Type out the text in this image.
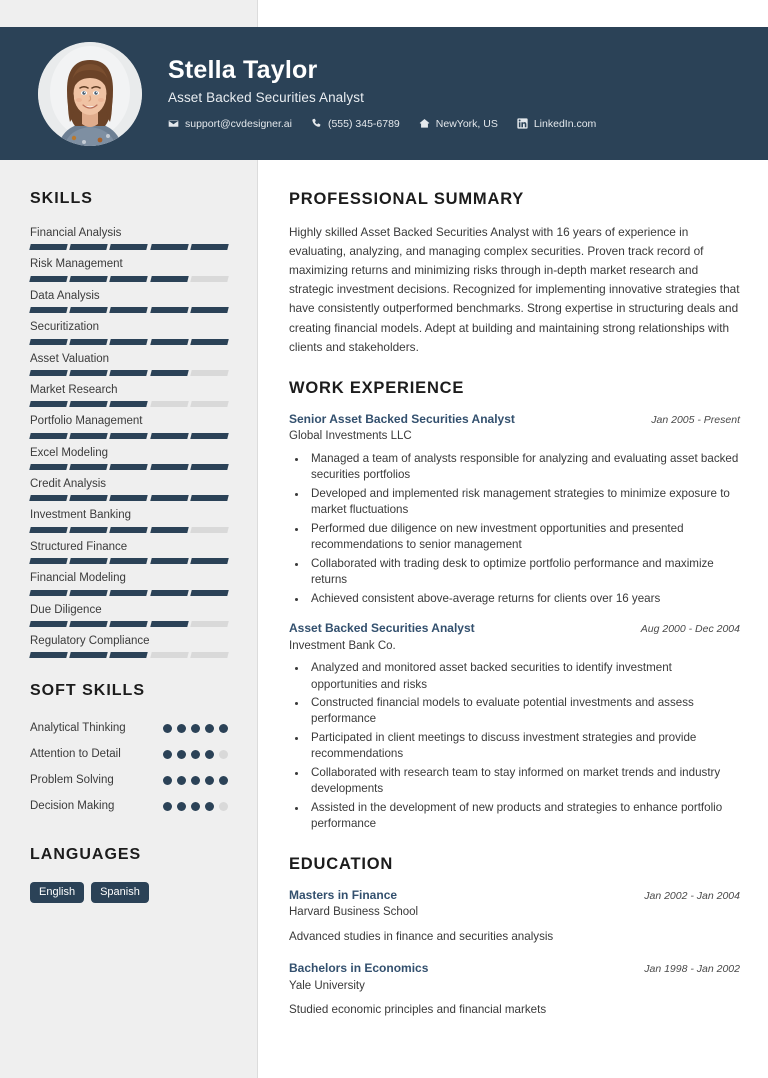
Stella Taylor
Asset Backed Securities Analyst
support@cvdesigner.ai	(555) 345-6789	NewYork, US	LinkedIn.com
SKILLS
Financial Analysis
Risk Management
Data Analysis
Securitization
Asset Valuation
Market Research
Portfolio Management
Excel Modeling
Credit Analysis
Investment Banking
Structured Finance
Financial Modeling
Due Diligence
Regulatory Compliance
SOFT SKILLS
Analytical Thinking
Attention to Detail
Problem Solving
Decision Making
LANGUAGES
English	Spanish
PROFESSIONAL SUMMARY
Highly skilled Asset Backed Securities Analyst with 16 years of experience in evaluating, analyzing, and managing complex securities. Proven track record of maximizing returns and minimizing risks through in-depth market research and strategic investment decisions. Recognized for implementing innovative strategies that have consistently outperformed benchmarks. Strong expertise in structuring deals and creating financial models. Adept at building and maintaining strong relationships with clients and stakeholders.
WORK EXPERIENCE
Senior Asset Backed Securities Analyst	Jan 2005 - Present
Global Investments LLC
• Managed a team of analysts responsible for analyzing and evaluating asset backed securities portfolios
• Developed and implemented risk management strategies to minimize exposure to market fluctuations
• Performed due diligence on new investment opportunities and presented recommendations to senior management
• Collaborated with trading desk to optimize portfolio performance and maximize returns
• Achieved consistent above-average returns for clients over 16 years
Asset Backed Securities Analyst	Aug 2000 - Dec 2004
Investment Bank Co.
• Analyzed and monitored asset backed securities to identify investment opportunities and risks
• Constructed financial models to evaluate potential investments and assess performance
• Participated in client meetings to discuss investment strategies and provide recommendations
• Collaborated with research team to stay informed on market trends and industry developments
• Assisted in the development of new products and strategies to enhance portfolio performance
EDUCATION
Masters in Finance	Jan 2002 - Jan 2004
Harvard Business School
Advanced studies in finance and securities analysis
Bachelors in Economics	Jan 1998 - Jan 2002
Yale University
Studied economic principles and financial markets
